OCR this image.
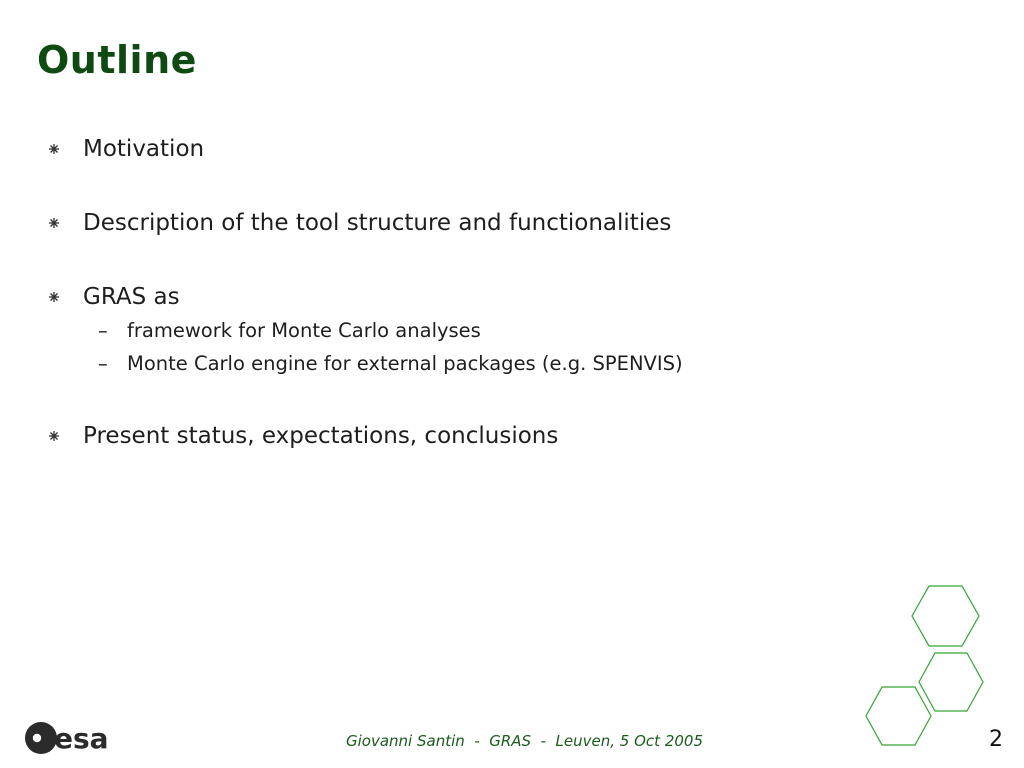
Outline
Motivation
Description of the tool structure and functionalities
GRAS as
– framework for Monte Carlo analyses
– Monte Carlo engine for external packages (e.g. SPENVIS)
Present status, expectations, conclusions
esa	Giovanni Santin  -  GRAS  -  Leuven, 5 Oct 2005	2
